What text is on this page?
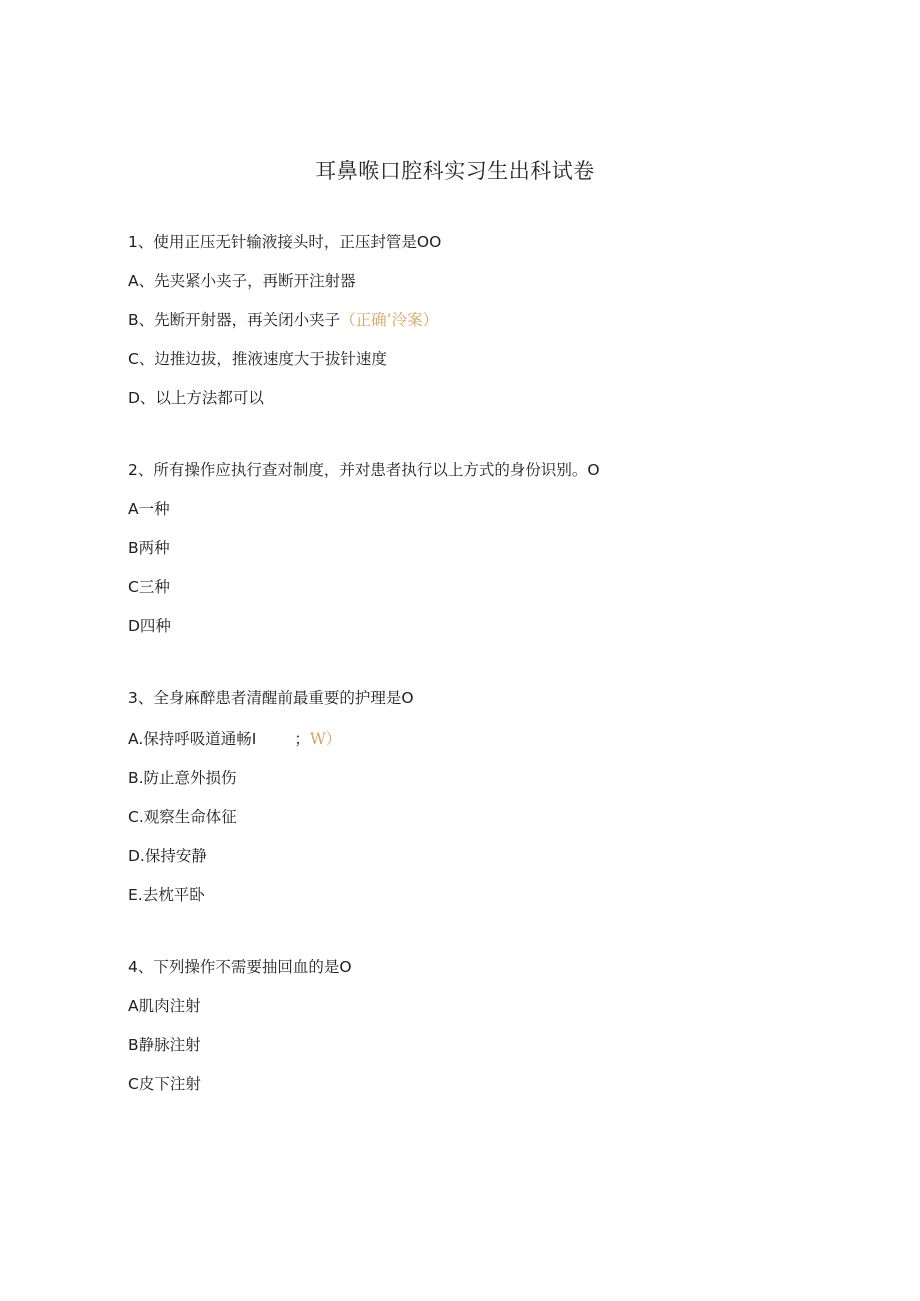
耳鼻喉口腔科实习生出科试卷
1、使用正压无针输液接头时，正压封管是OO
A、先夹紧小夹子，再断开注射器
B、先断开射器，再关闭小夹子（正确’泠案）
C、边推边拔，推液速度大于拔针速度
D、以上方法都可以
2、所有操作应执行查对制度，并对患者执行以上方式的身份识别。O
A一种
B两种
C三种
D四种
3、全身麻醉患者清醒前最重要的护理是O
A.保持呼吸道通畅I ；W）
B.防止意外损伤
C.观察生命体征
D.保持安静
E.去枕平卧
4、下列操作不需要抽回血的是O
A肌肉注射
B静脉注射
C皮下注射
